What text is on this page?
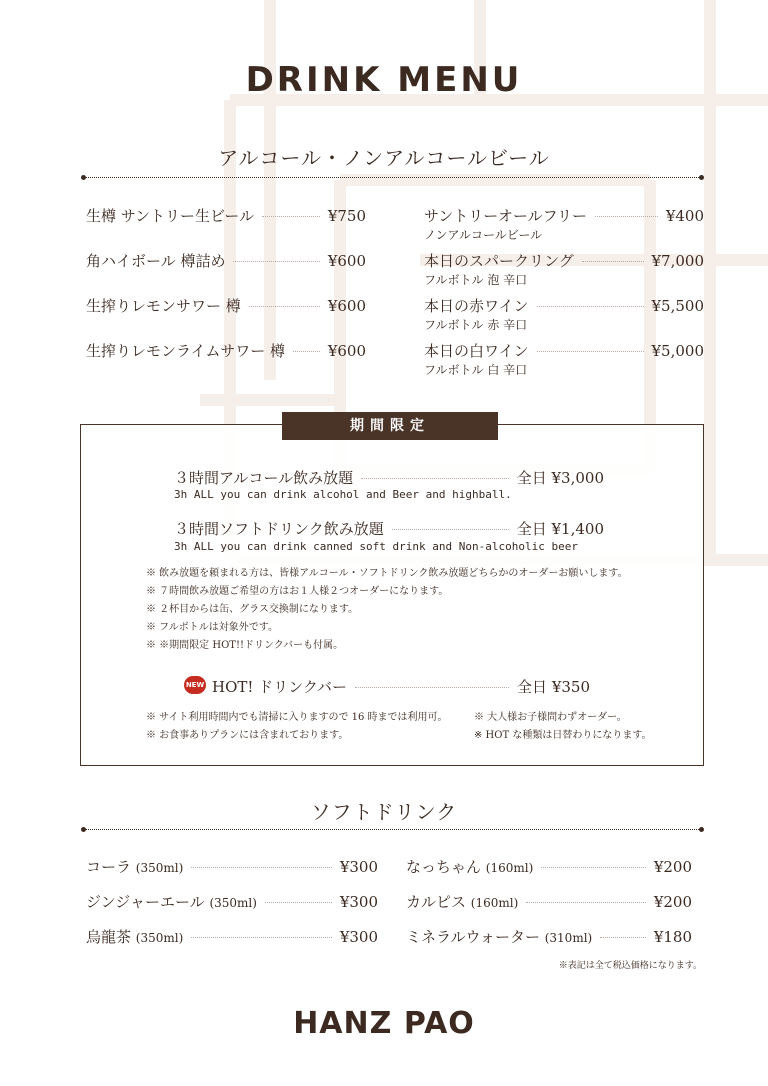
DRINK MENU
アルコール・ノンアルコールビール
生樽 サントリー生ビール	¥750
角ハイボール 樽詰め	¥600
生搾りレモンサワー 樽	¥600
生搾りレモンライムサワー 樽	¥600
サントリーオールフリー	¥400
ノンアルコールビール
本日のスパークリング	¥7,000
フルボトル 泡 辛口
本日の赤ワイン	¥5,500
フルボトル 赤 辛口
本日の白ワイン	¥5,000
フルボトル 白 辛口
期間限定
３時間アルコール飲み放題	全日 ¥3,000
3h ALL you can drink alcohol and Beer and highball.
３時間ソフトドリンク飲み放題	全日 ¥1,400
3h ALL you can drink canned soft drink and Non-alcoholic beer
※ 飲み放題を頼まれる方は、皆様アルコール・ソフトドリンク飲み放題どちらかのオーダーお願いします。
※ ７時間飲み放題ご希望の方はお１人様２つオーダーになります。
※ ２杯目からは缶、グラス交換制になります。
※ フルボトルは対象外です。
※ ※期間限定 HOT!!ドリンクバーも付属。
NEW HOT! ドリンクバー	全日 ¥350
※ サイト利用時間内でも清掃に入りますので 16 時までは利用可。
※ お食事ありプランには含まれております。
※ 大人様お子様問わずオーダー。
※ HOT な種類は日替わりになります。
ソフトドリンク
コーラ (350ml)	¥300
ジンジャーエール (350ml)	¥300
烏龍茶 (350ml)	¥300
なっちゃん (160ml)	¥200
カルピス (160ml)	¥200
ミネラルウォーター (310ml)	¥180
※表記は全て税込価格になります。
HANZ PAO
